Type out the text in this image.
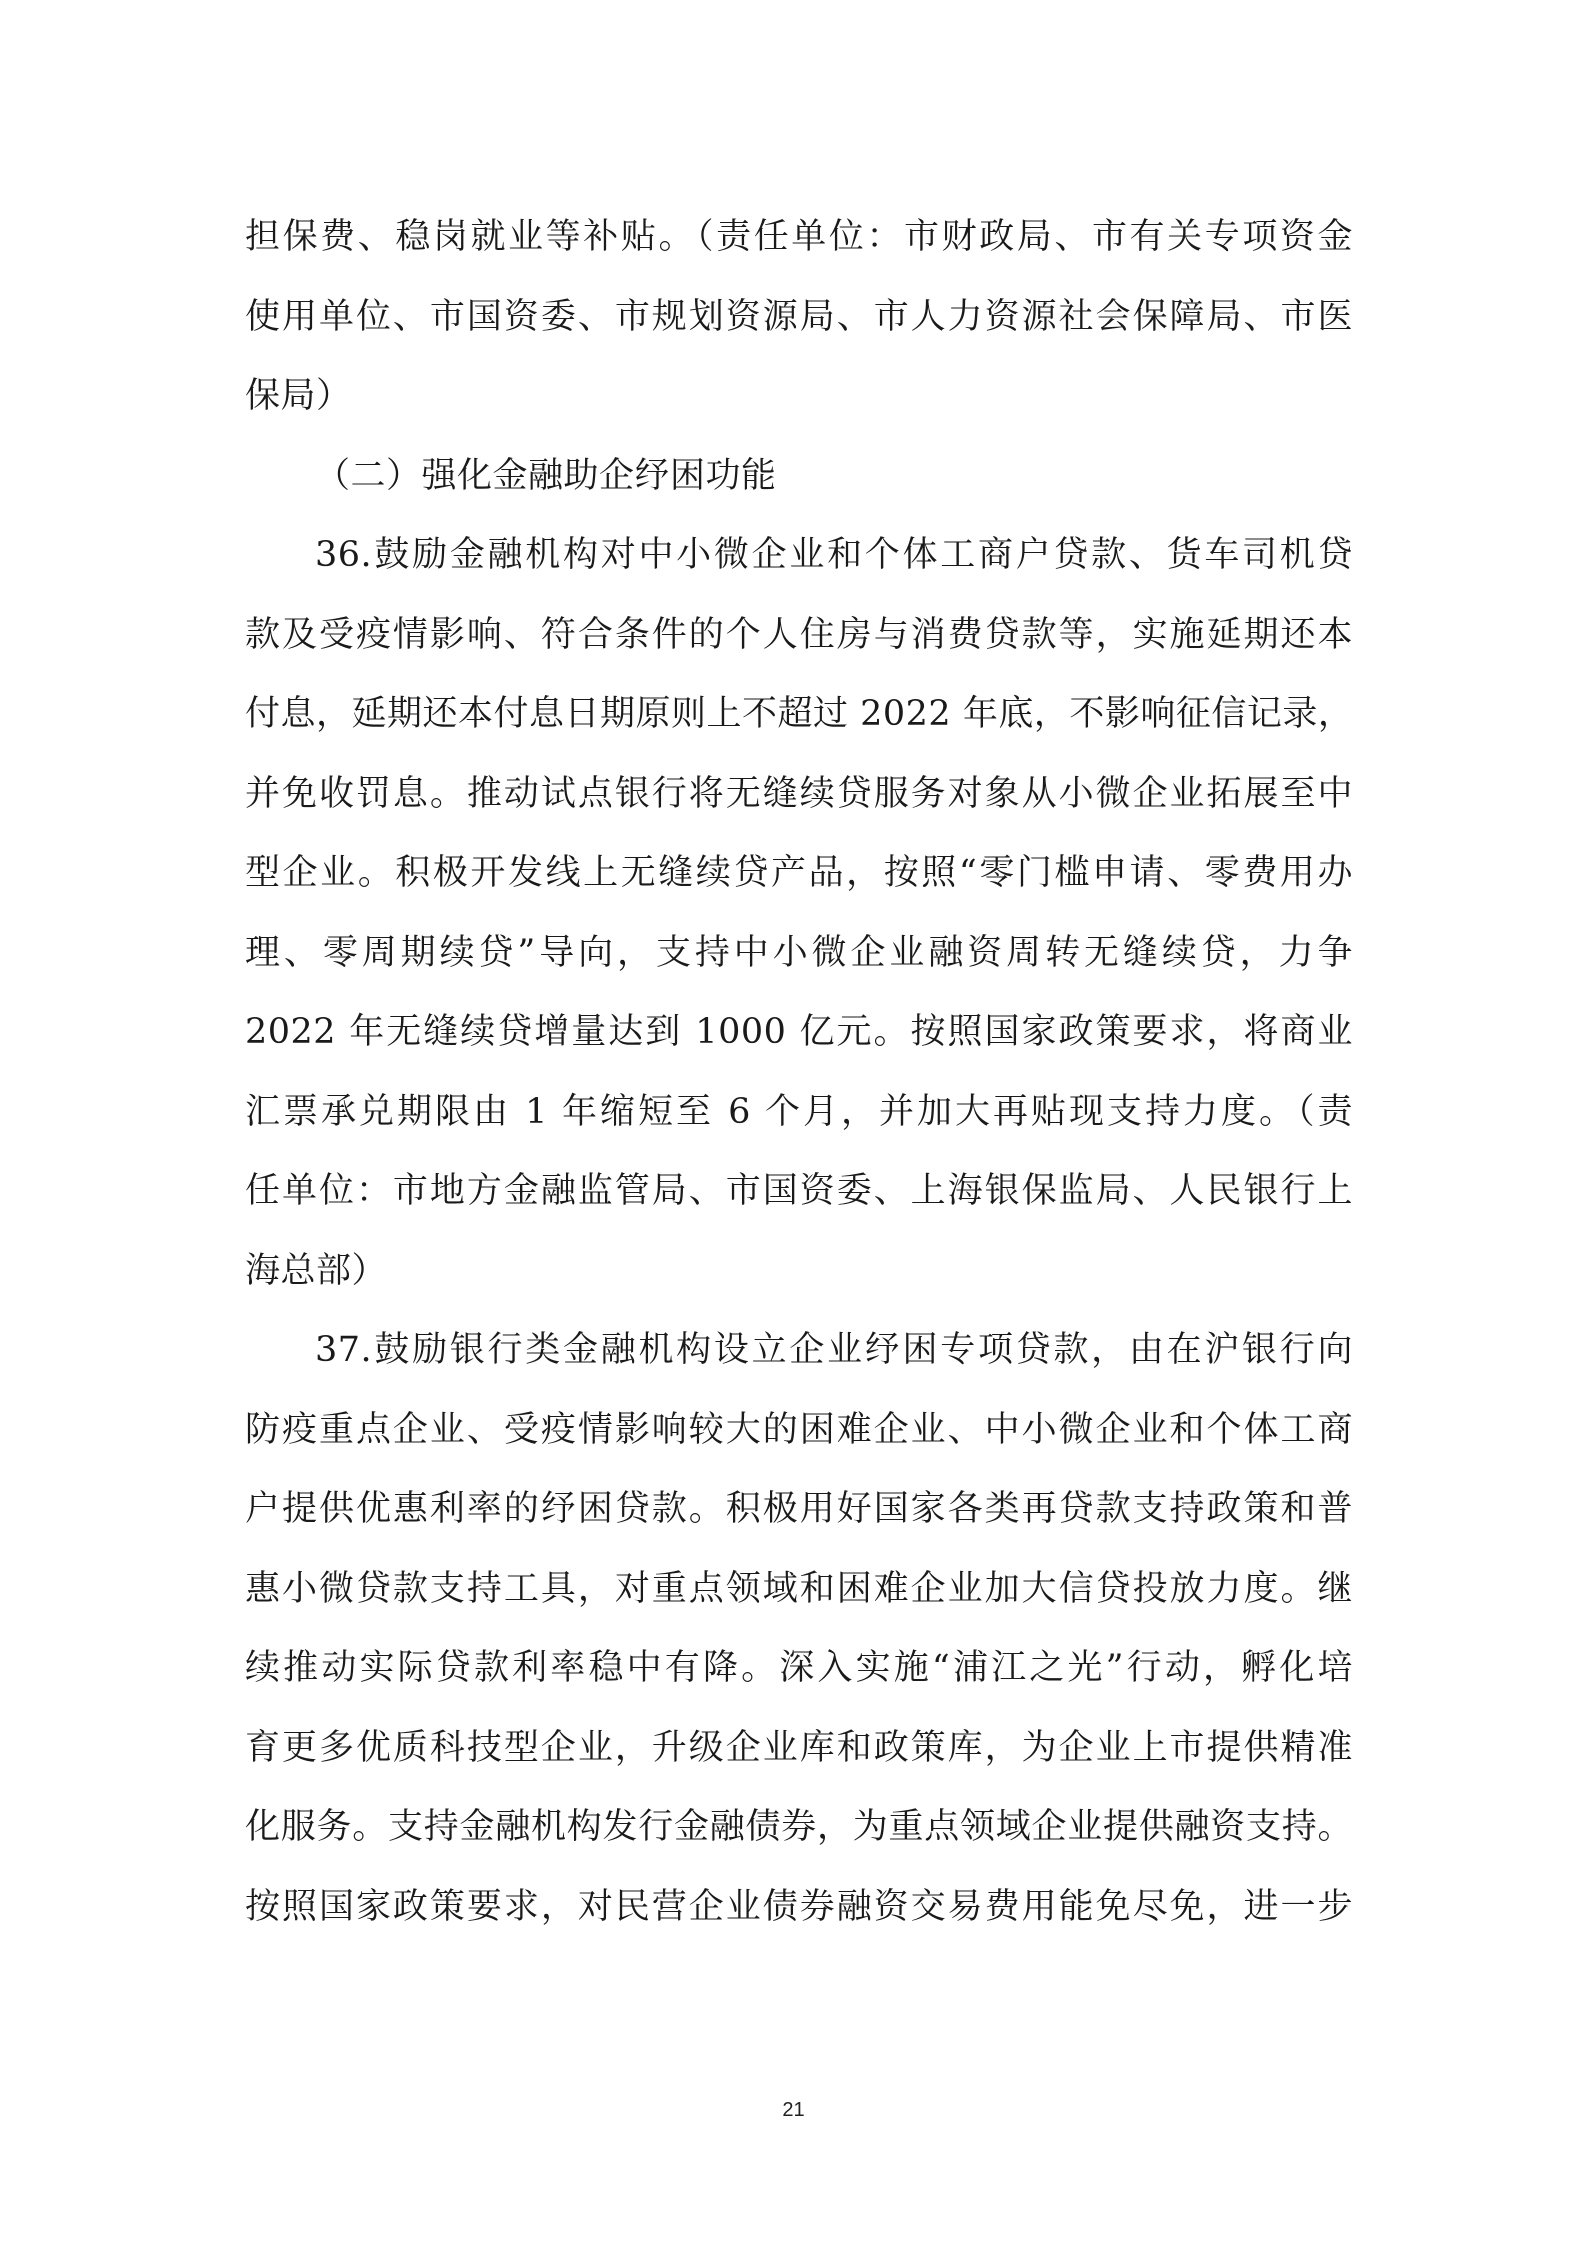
担保费、稳岗就业等补贴。（责任单位：市财政局、市有关专项资金
使用单位、市国资委、市规划资源局、市人力资源社会保障局、市医
保局）
（二）强化金融助企纾困功能
36.鼓励金融机构对中小微企业和个体工商户贷款、货车司机贷
款及受疫情影响、符合条件的个人住房与消费贷款等，实施延期还本
付息，延期还本付息日期原则上不超过 2022 年底，不影响征信记录，
并免收罚息。推动试点银行将无缝续贷服务对象从小微企业拓展至中
型企业。积极开发线上无缝续贷产品，按照“零门槛申请、零费用办
理、零周期续贷”导向，支持中小微企业融资周转无缝续贷，力争
2022 年无缝续贷增量达到 1000 亿元。按照国家政策要求，将商业
汇票承兑期限由 1 年缩短至 6 个月，并加大再贴现支持力度。（责
任单位：市地方金融监管局、市国资委、上海银保监局、人民银行上
海总部）
37.鼓励银行类金融机构设立企业纾困专项贷款，由在沪银行向
防疫重点企业、受疫情影响较大的困难企业、中小微企业和个体工商
户提供优惠利率的纾困贷款。积极用好国家各类再贷款支持政策和普
惠小微贷款支持工具，对重点领域和困难企业加大信贷投放力度。继
续推动实际贷款利率稳中有降。深入实施“浦江之光”行动，孵化培
育更多优质科技型企业，升级企业库和政策库，为企业上市提供精准
化服务。支持金融机构发行金融债券，为重点领域企业提供融资支持。
按照国家政策要求，对民营企业债券融资交易费用能免尽免，进一步
21
